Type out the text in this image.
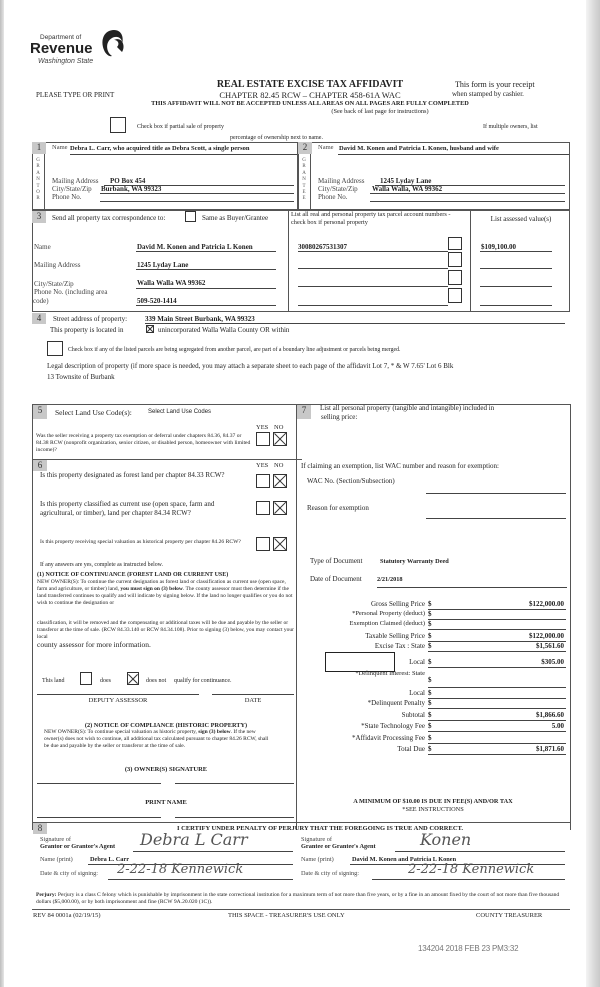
Department of
Revenue
Washington State
PLEASE TYPE OR PRINT
REAL ESTATE EXCISE TAX AFFIDAVIT
CHAPTER 82.45 RCW – CHAPTER 458-61A WAC
THIS AFFIDAVIT WILL NOT BE ACCEPTED UNLESS ALL AREAS ON ALL PAGES ARE FULLY COMPLETED
(See back of last page for instructions)
This form is your receipt
when stamped by cashier.
Check box if partial sale of property	If multiple owners, list
percentage of ownership next to name.
1
G
R
A
N
T
O
R
Name Debra L. Carr, who acquired title as Debra Scott, a single person
Mailing Address PO Box 454
City/State/Zip Burbank, WA 99323
Phone No.
2
G
R
A
N
T
E
E
Name David M. Konen and Patricia L Konen, husband and wife
Mailing Address 1245 Lyday Lane
City/State/Zip Walla Walla, WA 99362
Phone No.
3	Send all property tax correspondence to:	Same as Buyer/Grantee	List all real and personal property tax parcel account numbers - check box if personal property	List assessed value(s)
Name	David M. Konen and Patricia L Konen
Mailing Address	1245 Lyday Lane
City/State/Zip	Walla Walla WA 99362
Phone No. (including area
code)	509-520-1414
30080267531307	$109,100.00
4	Street address of property:	339 Main Street Burbank, WA 99323
This property is located in	unincorporated Walla Walla County OR within
Check box if any of the listed parcels are being segregated from another parcel, are part of a boundary line adjustment or parcels being merged.
Legal description of property (if more space is needed, you may attach a separate sheet to each page of the affidavit Lot 7, * & W 7.65' Lot 6 Blk
13 Townsite of Burbank
5	Select Land Use Code(s):	Select Land Use Codes
YES NO
Was the seller receiving a property tax exemption or deferral under chapters 84.36, 84.37 or 84.38 RCW (nonprofit organization, senior citizen, or disabled person, homeowner with limited income)?
6	YES NO
Is this property designated as forest land per chapter 84.33 RCW?
Is this property classified as current use (open space, farm and agricultural, or timber), land per chapter 84.34 RCW?
Is this property receiving special valuation as historical property per chapter 84.26 RCW?
If any answers are yes, complete as instructed below.
(1) NOTICE OF CONTINUANCE (FOREST LAND OR CURRENT USE)
NEW OWNER(S): To continue the current designation as forest land or classification as current use (open space, farm and agriculture, or timber) land, you must sign on (3) below. The county assessor must then determine if the land transferred continues to qualify and will indicate by signing below. If the land no longer qualifies or you do not wish to continue the designation or
classification, it will be removed and the compensating or additional taxes will be due and payable by the seller or transferor at the time of sale. (RCW 84.33.140 or RCW 84.34.108). Prior to signing (3) below, you may contact your local
county assessor for more information.
This land	does	does not qualify for continuance.
DEPUTY ASSESSOR	DATE
(2) NOTICE OF COMPLIANCE (HISTORIC PROPERTY)
NEW OWNER(S): To continue special valuation as historic property, sign (3) below. If the new owner(s) does not wish to continue, all additional tax calculated pursuant to chapter 84.26 RCW, shall be due and payable by the seller or transferor at the time of sale.
(3) OWNER(S) SIGNATURE
PRINT NAME
7	List all personal property (tangible and intangible) included in
selling price:
If claiming an exemption, list WAC number and reason for exemption:
WAC No. (Section/Subsection)
Reason for exemption
Type of Document	Statutory Warranty Deed
Date of Document 2/21/2018
Gross Selling Price $	$122,000.00
*Personal Property (deduct) $
Exemption Claimed (deduct) $
Taxable Selling Price $	$122,000.00
Excise Tax : State $	$1,561.60
Local $	$305.00
*Delinquent Interest: State
$
Local $
*Delinquent Penalty $
Subtotal $	$1,866.60
*State Technology Fee $	5.00
*Affidavit Processing Fee $
Total Due $	$1,871.60
A MINIMUM OF $10.00 IS DUE IN FEE(S) AND/OR TAX
*SEE INSTRUCTIONS
8	I CERTIFY UNDER PENALTY OF PERJURY THAT THE FOREGOING IS TRUE AND CORRECT.
Signature of
Grantor or Grantor's Agent Debra L Carr
Name (print)	Debra L. Carr
Date & city of signing: 2-22-18 Kennewick
Signature of
Grantee or Grantee's Agent	Konen
Name (print)	David M. Konen and Patricia L Konen
Date & city of signing:	2-22-18 Kennewick
Perjury: Perjury is a class C felony which is punishable by imprisonment in the state correctional institution for a maximum term of not more than five years, or by a fine in an amount fixed by the court of not more than five thousand dollars ($5,000.00), or by both imprisonment and fine (RCW 9A.20.020 (1C)).
REV 84 0001a (02/19/15)	THIS SPACE - TREASURER'S USE ONLY	COUNTY TREASURER
134204 2018 FEB 23 PM3:32
